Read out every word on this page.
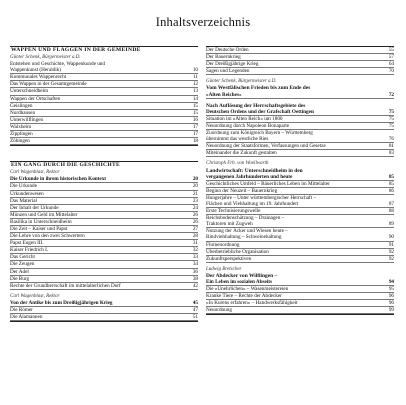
Inhaltsverzeichnis
WAPPEN UND FLAGGEN IN DER GEMEINDE
Günter Schenk, Bürgermeister a.D.
Entstehen und Geschichte, Wappenkunde und
Wappenkunst (Heraldik)	10
Kommunales Wappenrecht	11
Das Wappen in der Gesamtgemeinde	12
Unterschneidheim	13
Wappen der Ortschaften	14
Geislingen	15
Nordhausen	15
Unterwilflingen	16
Walxheim	17
Zipplingen	17
Zöbingen	18
EIN GANG DURCH DIE GESCHICHTE
Carl Wagenblast, Rektor
Die Urkunde in ihrem historischen Kontext	20
Die Urkunde	20
Urkundenwesen	21
Das Material	23
Der Inhalt der Urkunde	24
Münzen und Geld im Mittelalter	26
Basilika in Unterschneidheim	26
Die Zeit – Kaiser und Papst	27
Die Lehre von den zwei Schwertern	28
Papst Eugen III.	31
Kaiser Friedrich I.	32
Das Gericht	33
Die Zeugen	34
Der Adel	36
Die Burg	38
Rechte der Grundherrschaft im mittelalterlichen Dorf	42
Carl Wagenblast, Rektor
Von der Antike bis zum Dreißigjährigen Krieg	45
Die Römer	47
Die Alamannen	51
Der Deutsche Orden	55
Der Bauernkrieg	57
Der Dreißigjährige Krieg	64
Sagen und Legenden	70
Günter Schenk, Bürgermeister a.D.
Vom Westfälischen Frieden bis zum Ende des
»Alten Reiches«	72
Nach Auflösung der Herrschaftsgebiete des
Deutschen Ordens und der Grafschaft Oettingen	75
Situation im »Alten Reich« um 1800	75
Neuordnung durch Napoleon Bonaparte	75
Zuordnung zum Königreich Bayern – Württemberg
übernimmt das westliche Ries	76
Neuordnung der Staatsformen, Verfassungen und Gesetze	81
Miteinander die Zukunft gestalten	83
Christoph Frh. von Woellwarth
Landwirtschaft: Unterschneidheim in den
vergangenen Jahrhunderten und heute	85
Geschichtliches Umfeld – Bäuerliches Leben im Mittelalter	85
Beginn der Neuzeit – Bauernkrieg	86
Hungerjahre – Unter württembergischer Herrschaft –
Flächen und Viehhaltung im 19. Jahrhundert	87
Erste Technisierungswelle	88
Reichsbodenschätzung – Drainagen –
Traktoren mit Zugweh	89
Nutzung der Äcker und Wiesen heute –
Rindviehhaltung – Schweinehaltung	90
Flurneuordnung	91
Überbetriebliche Organisation	92
Zukunftsperspektiven	92
Ludwig Bretscher
Der Abdecker von Wilflingen –
Ein Leben im sozialen Abseits	94
Die »Unehrlichen« – Wasenmeistereien	95
Kranke Tiere – Rechte der Abdecker	96
»In Kurens erfahren« – Handwerksfähigkeit	96
Neuordnung	99
